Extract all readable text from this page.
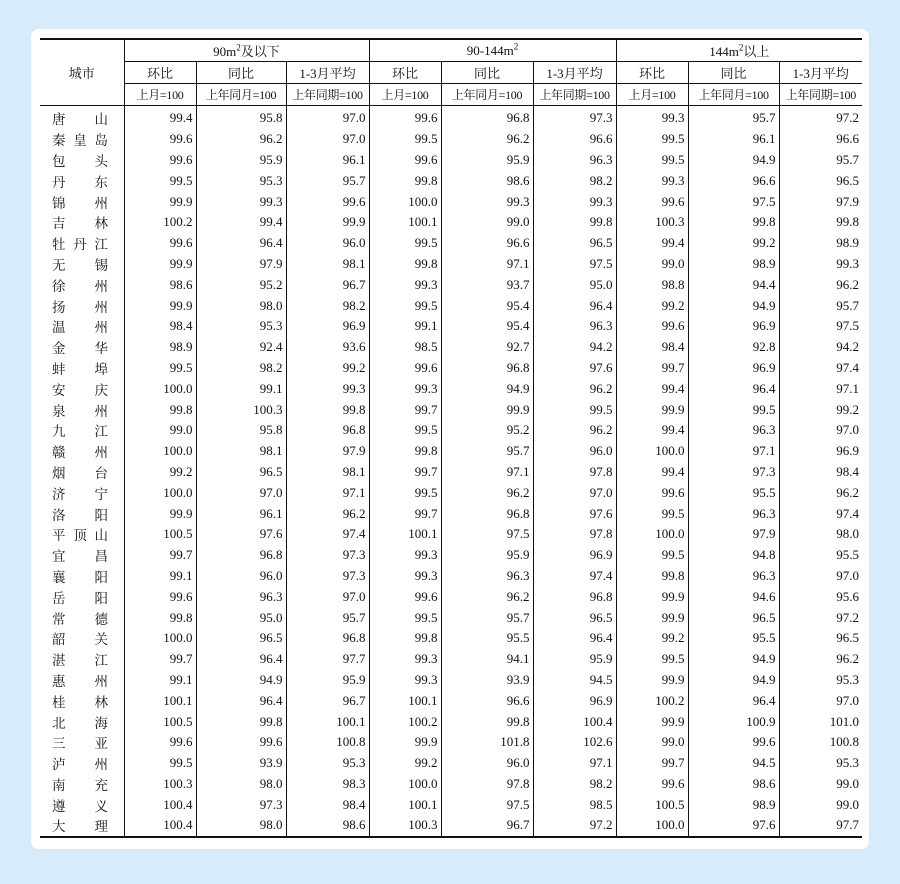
城市	$90m^2$及以下			$90-144m^2$			$144m^2$以上		
	环比	同比	1-3月平均	环比	同比	1-3月平均	环比	同比	1-3月平均
	上月=100	上年同月=100	上年同期=100	上月=100	上年同月=100	上年同期=100	上月=100	上年同月=100	上年同期=100

唐 山	99.4	95.8	97.0	99.6	96.8	97.3	99.3	95.7	97.2

秦 皇 岛	99.6	96.2	97.0	99.5	96.2	96.6	99.5	96.1	96.6

包 头	99.6	95.9	96.1	99.6	95.9	96.3	99.5	94.9	95.7

丹 东	99.5	95.3	95.7	99.8	98.6	98.2	99.3	96.6	96.5

锦 州	99.9	99.3	99.6	100.0	99.3	99.3	99.6	97.5	97.9

吉 林	100.2	99.4	99.9	100.1	99.0	99.8	100.3	99.8	99.8

牡 丹 江	99.6	96.4	96.0	99.5	96.6	96.5	99.4	99.2	98.9

无 锡	99.9	97.9	98.1	99.8	97.1	97.5	99.0	98.9	99.3

徐 州	98.6	95.2	96.7	99.3	93.7	95.0	98.8	94.4	96.2

扬 州	99.9	98.0	98.2	99.5	95.4	96.4	99.2	94.9	95.7

温 州	98.4	95.3	96.9	99.1	95.4	96.3	99.6	96.9	97.5

金 华	98.9	92.4	93.6	98.5	92.7	94.2	98.4	92.8	94.2

蚌 埠	99.5	98.2	99.2	99.6	96.8	97.6	99.7	96.9	97.4

安 庆	100.0	99.1	99.3	99.3	94.9	96.2	99.4	96.4	97.1

泉 州	99.8	100.3	99.8	99.7	99.9	99.5	99.9	99.5	99.2

九 江	99.0	95.8	96.8	99.5	95.2	96.2	99.4	96.3	97.0

赣 州	100.0	98.1	97.9	99.8	95.7	96.0	100.0	97.1	96.9

烟 台	99.2	96.5	98.1	99.7	97.1	97.8	99.4	97.3	98.4

济 宁	100.0	97.0	97.1	99.5	96.2	97.0	99.6	95.5	96.2

洛 阳	99.9	96.1	96.2	99.7	96.8	97.6	99.5	96.3	97.4

平 顶 山	100.5	97.6	97.4	100.1	97.5	97.8	100.0	97.9	98.0

宜 昌	99.7	96.8	97.3	99.3	95.9	96.9	99.5	94.8	95.5

襄 阳	99.1	96.0	97.3	99.3	96.3	97.4	99.8	96.3	97.0

岳 阳	99.6	96.3	97.0	99.6	96.2	96.8	99.9	94.6	95.6

常 德	99.8	95.0	95.7	99.5	95.7	96.5	99.9	96.5	97.2

韶 关	100.0	96.5	96.8	99.8	95.5	96.4	99.2	95.5	96.5

湛 江	99.7	96.4	97.7	99.3	94.1	95.9	99.5	94.9	96.2

惠 州	99.1	94.9	95.9	99.3	93.9	94.5	99.9	94.9	95.3

桂 林	100.1	96.4	96.7	100.1	96.6	96.9	100.2	96.4	97.0

北 海	100.5	99.8	100.1	100.2	99.8	100.4	99.9	100.9	101.0

三 亚	99.6	99.6	100.8	99.9	101.8	102.6	99.0	99.6	100.8

泸 州	99.5	93.9	95.3	99.2	96.0	97.1	99.7	94.5	95.3

南 充	100.3	98.0	98.3	100.0	97.8	98.2	99.6	98.6	99.0

遵 义	100.4	97.3	98.4	100.1	97.5	98.5	100.5	98.9	99.0

大 理	100.4	98.0	98.6	100.3	96.7	97.2	100.0	97.6	97.7
